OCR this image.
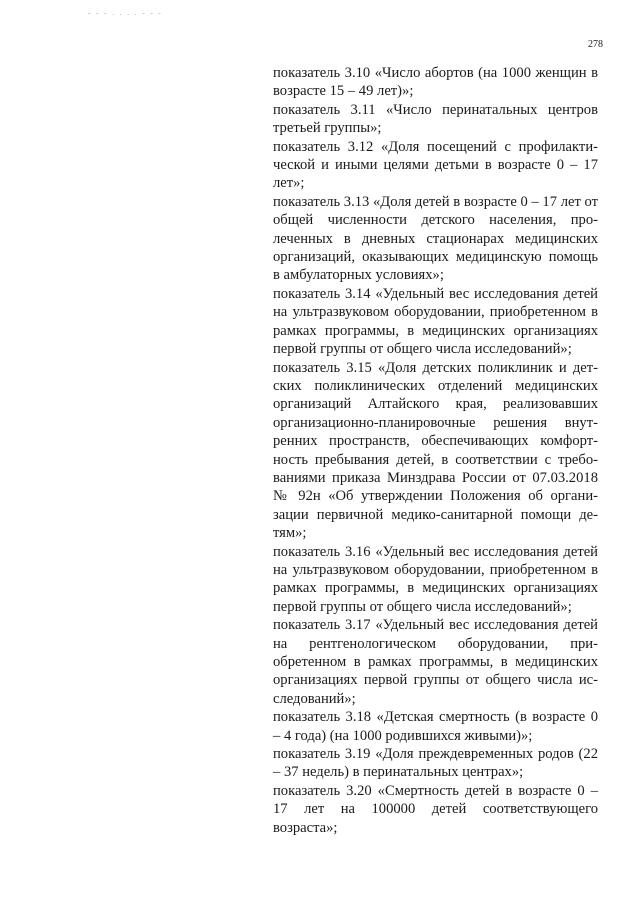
- - - . . . . - - -
278

показатель 3.10 «Число абортов (на 1000 женщин в возрасте 15 – 49 лет)»;

показатель 3.11 «Число перинатальных центров третьей группы»;

показатель 3.12 «Доля посещений с профилактической и иными целями детьми в возрасте 0 – 17 лет»;

показатель 3.13 «Доля детей в возрасте 0 – 17 лет от общей численности детского населения, пролеченных в дневных стационарах медицинских организаций, оказывающих медицинскую помощь в амбулаторных условиях»;

показатель 3.14 «Удельный вес исследования детей на ультразвуковом оборудовании, приобретенном в рамках программы, в медицинских организациях первой группы от общего числа исследований»;

показатель 3.15 «Доля детских поликлиник и детских поликлинических отделений медицинских организаций Алтайского края, реализовавших организационно-планировочные решения внутренних пространств, обеспечивающих комфортность пребывания детей, в соответствии с требованиями приказа Минздрава России от 07.03.2018 № 92н «Об утверждении Положения об организации первичной медико-санитарной помощи детям»;

показатель 3.16 «Удельный вес исследования детей на ультразвуковом оборудовании, приобретенном в рамках программы, в медицинских организациях первой группы от общего числа исследований»;

показатель 3.17 «Удельный вес исследования детей на рентгенологическом оборудовании, приобретенном в рамках программы, в медицинских организациях первой группы от общего числа исследований»;

показатель 3.18 «Детская смертность (в возрасте 0 – 4 года) (на 1000 родившихся живыми)»;

показатель 3.19 «Доля преждевременных родов (22 – 37 недель) в перинатальных центрах»;

показатель 3.20 «Смертность детей в возрасте 0 – 17 лет на 100000 детей соответствующего возраста»;
